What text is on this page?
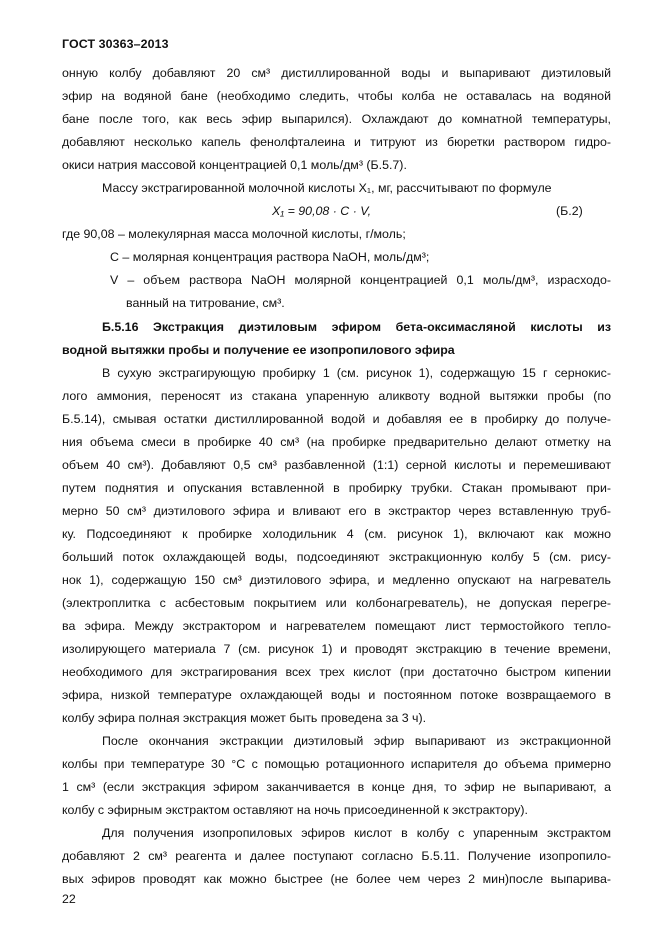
ГОСТ 30363–2013
онную колбу добавляют 20 см³ дистиллированной воды и выпаривают диэтиловый
эфир на водяной бане (необходимо следить, чтобы колба не оставалась на водяной
бане после того, как весь эфир выпарился). Охлаждают до комнатной температуры,
добавляют несколько капель фенолфталеина и титруют из бюретки раствором гидро-
окиси натрия массовой концентрацией 0,1 моль/дм³ (Б.5.7).
Массу экстрагированной молочной кислоты X₁, мг, рассчитывают по формуле
X₁ = 90,08 · C · V,	(Б.2)
где 90,08 – молекулярная масса молочной кислоты, г/моль;
C – молярная концентрация раствора NaOH, моль/дм³;
V – объем раствора NaOH молярной концентрацией 0,1 моль/дм³, израсходо-
ванный на титрование, см³.
Б.5.16 Экстракция диэтиловым эфиром бета-оксимасляной кислоты из
водной вытяжки пробы и получение ее изопропилового эфира
В сухую экстрагирующую пробирку 1 (см. рисунок 1), содержащую 15 г сернокис-
лого аммония, переносят из стакана упаренную аликвоту водной вытяжки пробы (по
Б.5.14), смывая остатки дистиллированной водой и добавляя ее в пробирку до получе-
ния объема смеси в пробирке 40 см³ (на пробирке предварительно делают отметку на
объем 40 см³). Добавляют 0,5 см³ разбавленной (1:1) серной кислоты и перемешивают
путем поднятия и опускания вставленной в пробирку трубки. Стакан промывают при-
мерно 50 см³ диэтилового эфира и вливают его в экстрактор через вставленную труб-
ку. Подсоединяют к пробирке холодильник 4 (см. рисунок 1), включают как можно
больший поток охлаждающей воды, подсоединяют экстракционную колбу 5 (см. рису-
нок 1), содержащую 150 см³ диэтилового эфира, и медленно опускают на нагреватель
(электроплитка с асбестовым покрытием или колбонагреватель), не допуская перегре-
ва эфира. Между экстрактором и нагревателем помещают лист термостойкого тепло-
изолирующего материала 7 (см. рисунок 1) и проводят экстракцию в течение времени,
необходимого для экстрагирования всех трех кислот (при достаточно быстром кипении
эфира, низкой температуре охлаждающей воды и постоянном потоке возвращаемого в
колбу эфира полная экстракция может быть проведена за 3 ч).
После окончания экстракции диэтиловый эфир выпаривают из экстракционной
колбы при температуре 30 °С с помощью ротационного испарителя до объема примерно
1 см³ (если экстракция эфиром заканчивается в конце дня, то эфир не выпаривают, а
колбу с эфирным экстрактом оставляют на ночь присоединенной к экстрактору).
Для получения изопропиловых эфиров кислот в колбу с упаренным экстрактом
добавляют 2 см³ реагента и далее поступают согласно Б.5.11. Получение изопропило-
вых эфиров проводят как можно быстрее (не более чем через 2 мин)после выпарива-
22
